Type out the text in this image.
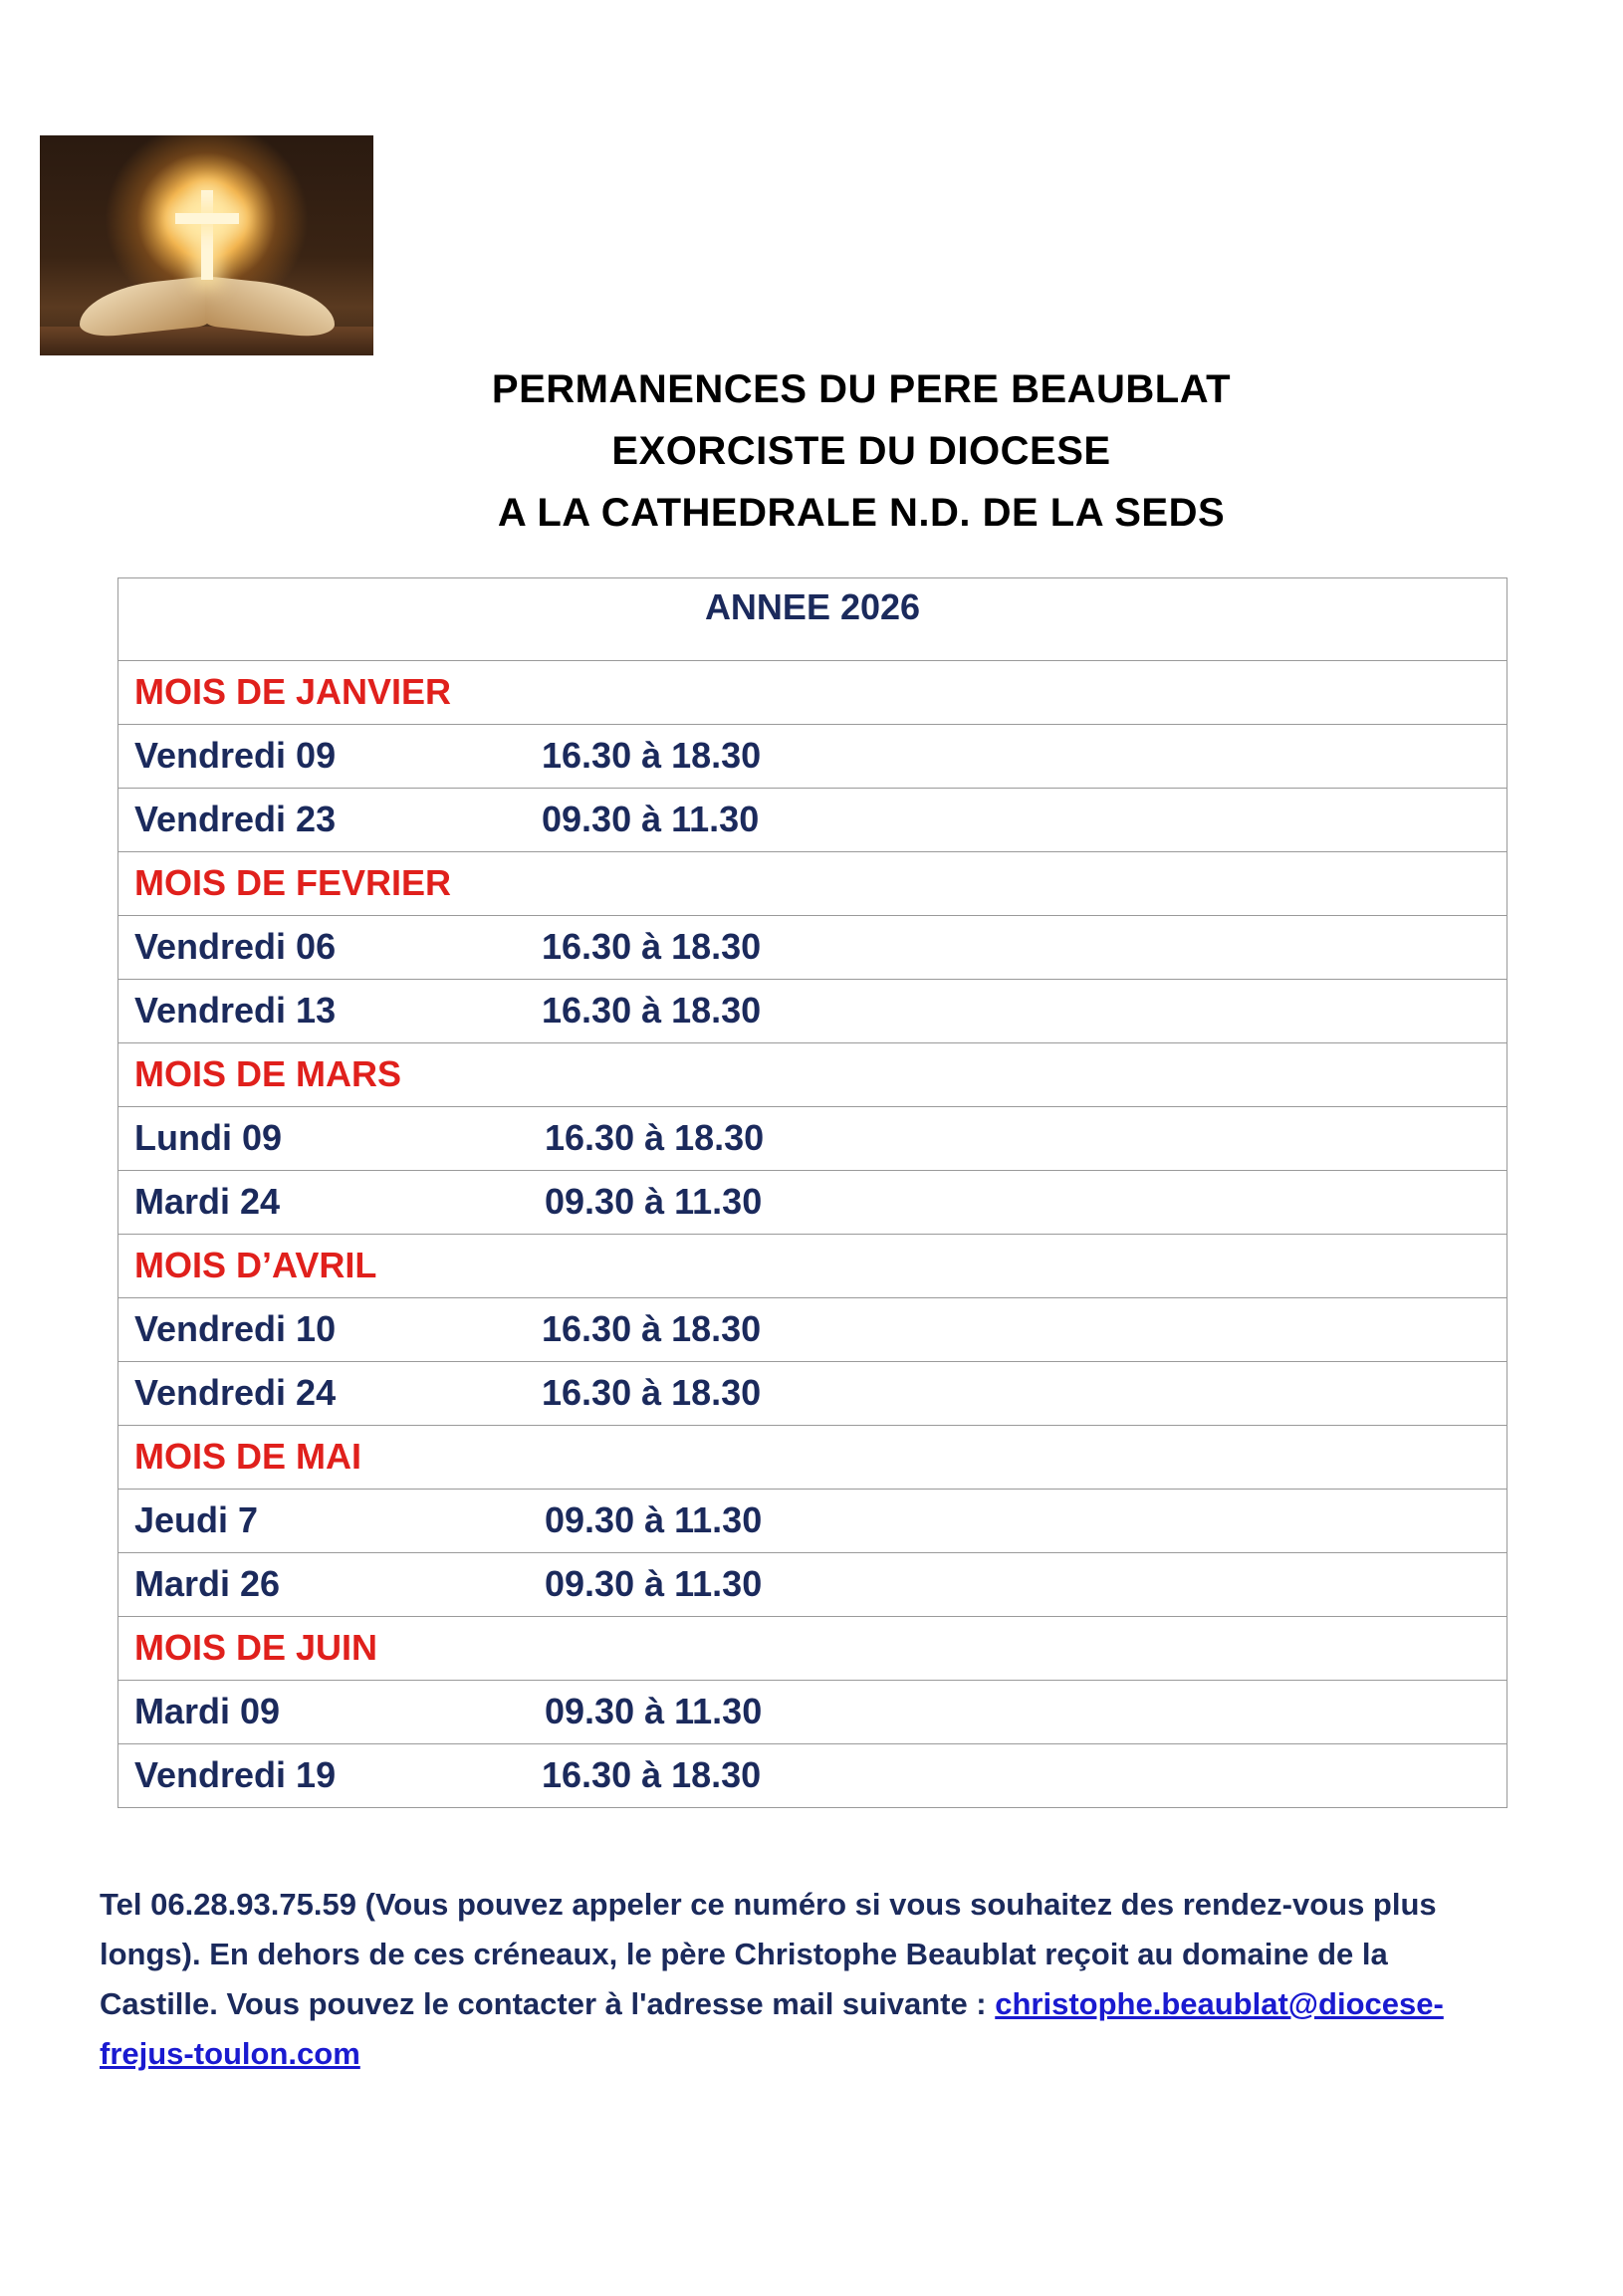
PERMANENCES DU PERE BEAUBLAT
EXORCISTE DU DIOCESE
A LA CATHEDRALE N.D. DE LA SEDS
ANNEE 2026
MOIS DE JANVIER
Vendredi 09	16.30 à 18.30
Vendredi 23	09.30 à 11.30
MOIS DE FEVRIER
Vendredi 06	16.30 à 18.30
Vendredi 13	16.30 à 18.30
MOIS DE MARS
Lundi 09	16.30 à 18.30
Mardi 24	09.30 à 11.30
MOIS D’AVRIL
Vendredi 10	16.30 à 18.30
Vendredi 24	16.30 à 18.30
MOIS DE MAI
Jeudi 7	09.30 à 11.30
Mardi 26	09.30 à 11.30
MOIS DE JUIN
Mardi 09	09.30 à 11.30
Vendredi 19	16.30 à 18.30
Tel 06.28.93.75.59 (Vous pouvez appeler ce numéro si vous souhaitez des rendez-vous plus longs). En dehors de ces créneaux, le père Christophe Beaublat reçoit au domaine de la Castille. Vous pouvez le contacter à l'adresse mail suivante : christophe.beaublat@diocese-frejus-toulon.com
